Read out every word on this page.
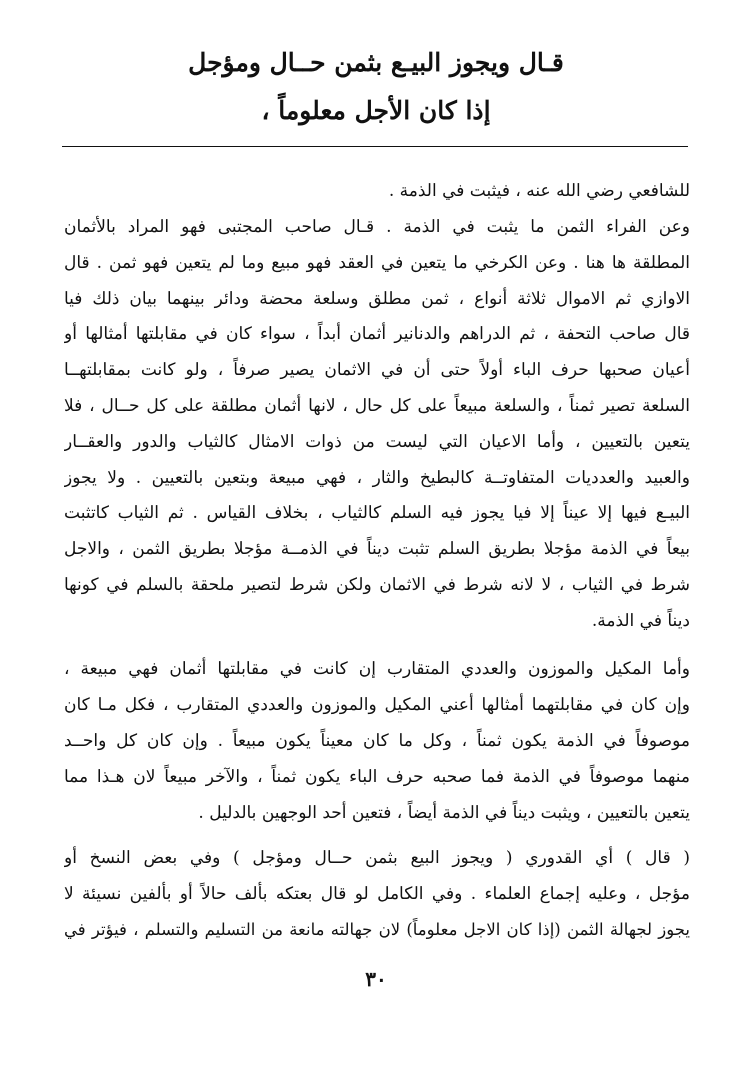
قـال ويجوز البيـع بثمن حــال ومؤجل
إذا كان الأجل معلوماً ،
للشافعي رضي الله عنه ، فيثبت في الذمة .
وعن الفراء الثمن ما يثبت في الذمة . قـال صاحب المجتبى فهو المراد بالأثمان
المطلقة ها هنا . وعن الكرخي ما يتعين في العقد فهو مبيع وما لم يتعين فهو ثمن . قال
الاوازي ثم الاموال ثلاثة أنواع ، ثمن مطلق وسلعة محضة ودائر بينهما بيان ذلك فيا
قال صاحب التحفة ، ثم الدراهم والدنانير أثمان أبداً ، سواء كان في مقابلتها أمثالها أو
أعيان صحبها حرف الباء أولاً حتى أن في الاثمان يصير صرفاً ، ولو كانت بمقابلتهــا
السلعة تصير ثمناً ، والسلعة مبيعاً على كل حال ، لانها أثمان مطلقة على كل حــال ، فلا
يتعين بالتعيين ، وأما الاعيان التي ليست من ذوات الامثال كالثياب والدور والعقــار
والعبيد والعدديات المتفاوتــة كالبطيخ والثار ، فهي مبيعة وبتعين بالتعيين . ولا يجوز
البيـع فيها إلا عيناً إلا فيا يجوز فيه السلم كالثياب ، بخلاف القياس . ثم الثياب كاتثبت
بيعاً في الذمة مؤجلا بطريق السلم تثبت ديناً في الذمــة مؤجلا بطريق الثمن ، والاجل
شرط في الثياب ، لا لانه شرط في الاثمان ولكن شرط لتصير ملحقة بالسلم في كونها
ديناً في الذمة.
وأما المكيل والموزون والعددي المتقارب إن كانت في مقابلتها أثمان فهي مبيعة ،
وإن كان في مقابلتهما أمثالها أعني المكيل والموزون والعددي المتقارب ، فكل مـا كان
موصوفاً في الذمة يكون ثمناً ، وكل ما كان معيناً يكون مبيعاً . وإن كان كل واحــد
منهما موصوفاً في الذمة فما صحبه حرف الباء يكون ثمناً ، والآخر مبيعاً لان هـذا مما
يتعين بالتعيين ، ويثبت ديناً في الذمة أيضاً ، فتعين أحد الوجهين بالدليل .
( قال ) أي القدوري ( ويجوز البيع بثمن حــال ومؤجل ) وفي بعض النسخ أو
مؤجل ، وعليه إجماع العلماء . وفي الكامل لو قال بعتكه بألف حالاً أو بألفين نسيئة لا
يجوز لجهالة الثمن (إذا كان الاجل معلوماً) لان جهالته مانعة من التسليم والتسلم ، فيؤتر في
٣٠
